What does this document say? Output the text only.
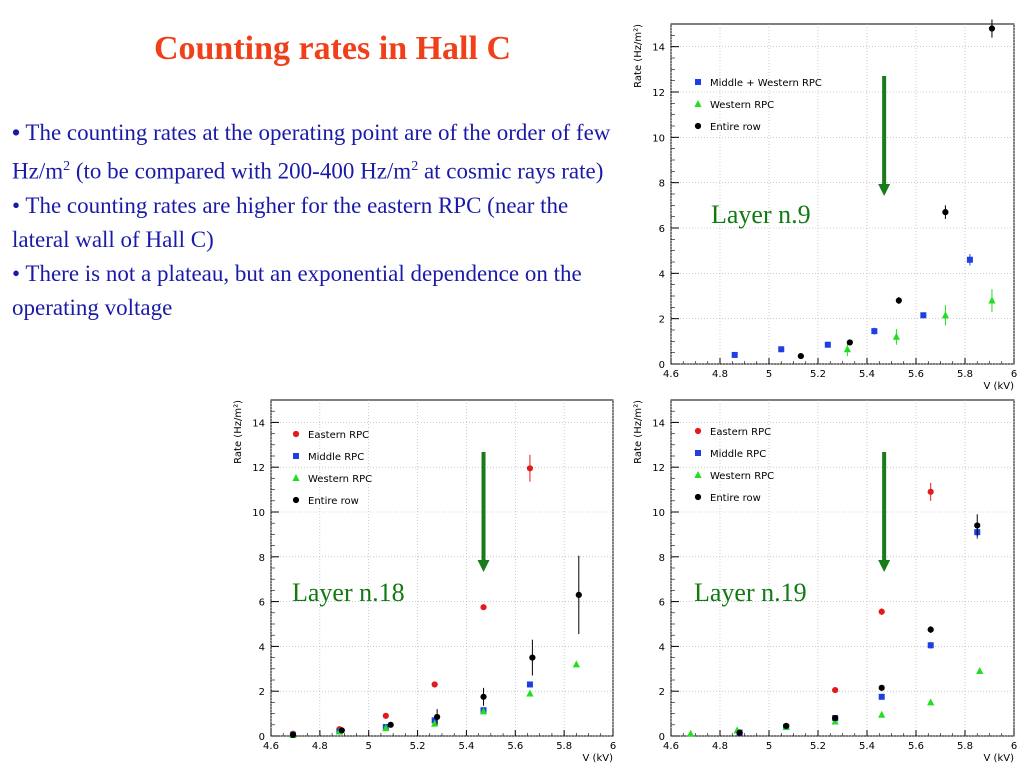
Counting rates in Hall C

• The counting rates at the operating point are of the order of few $Hz/m^2$ (to be compared with 200-400 $Hz/m^2$ at cosmic rays rate)

• The counting rates are higher for the eastern RPC (near the lateral wall of Hall C)

• There is not a plateau, but an exponential dependence on the operating voltage

4.6	4.8	5	5.2	5.4	5.6	5.8	6
0
2
4
6
8
10
12
14
V (kV)
Rate (Hz/m²)
Layer n.9
Middle + Western RPC
Western RPC
Entire row
4.6	4.8	5	5.2	5.4	5.6	5.8	6
0
2
4
6
8
10
12
14
V (kV)
Rate (Hz/m²)
Layer n.18
Eastern RPC
Middle RPC
Western RPC
Entire row
4.6	4.8	5	5.2	5.4	5.6	5.8	6
0
2
4
6
8
10
12
14
V (kV)
Rate (Hz/m²)
Layer n.19
Eastern RPC
Middle RPC
Western RPC
Entire row
